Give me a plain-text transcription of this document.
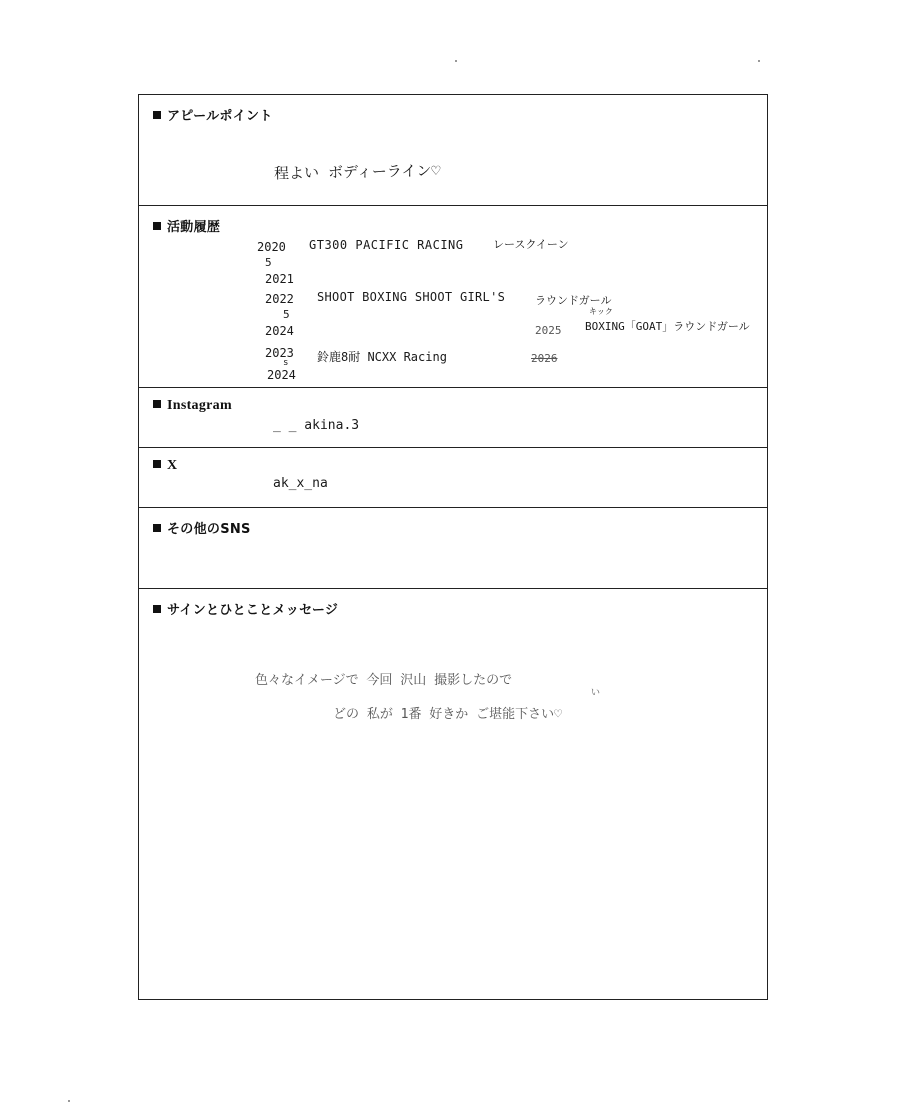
アピールポイント
程よい ボディーライン♡
活動履歴
2020
5
2021
GT300 PACIFIC RACING	レースクイーン
2022
5
2024
SHOOT BOXING SHOOT GIRL'S	ラウンドガール
2023
s
2024
鈴鹿8耐 NCXX Racing
キック
2025 BOXING「GOAT」ラウンドガール
2026
Instagram
_ _ akina.3
X
ak_x_na
その他のSNS
サインとひとことメッセージ
色々なイメージで 今回 沢山 撮影したので
い
どの 私が 1番 好きか ご堪能下さい♡
